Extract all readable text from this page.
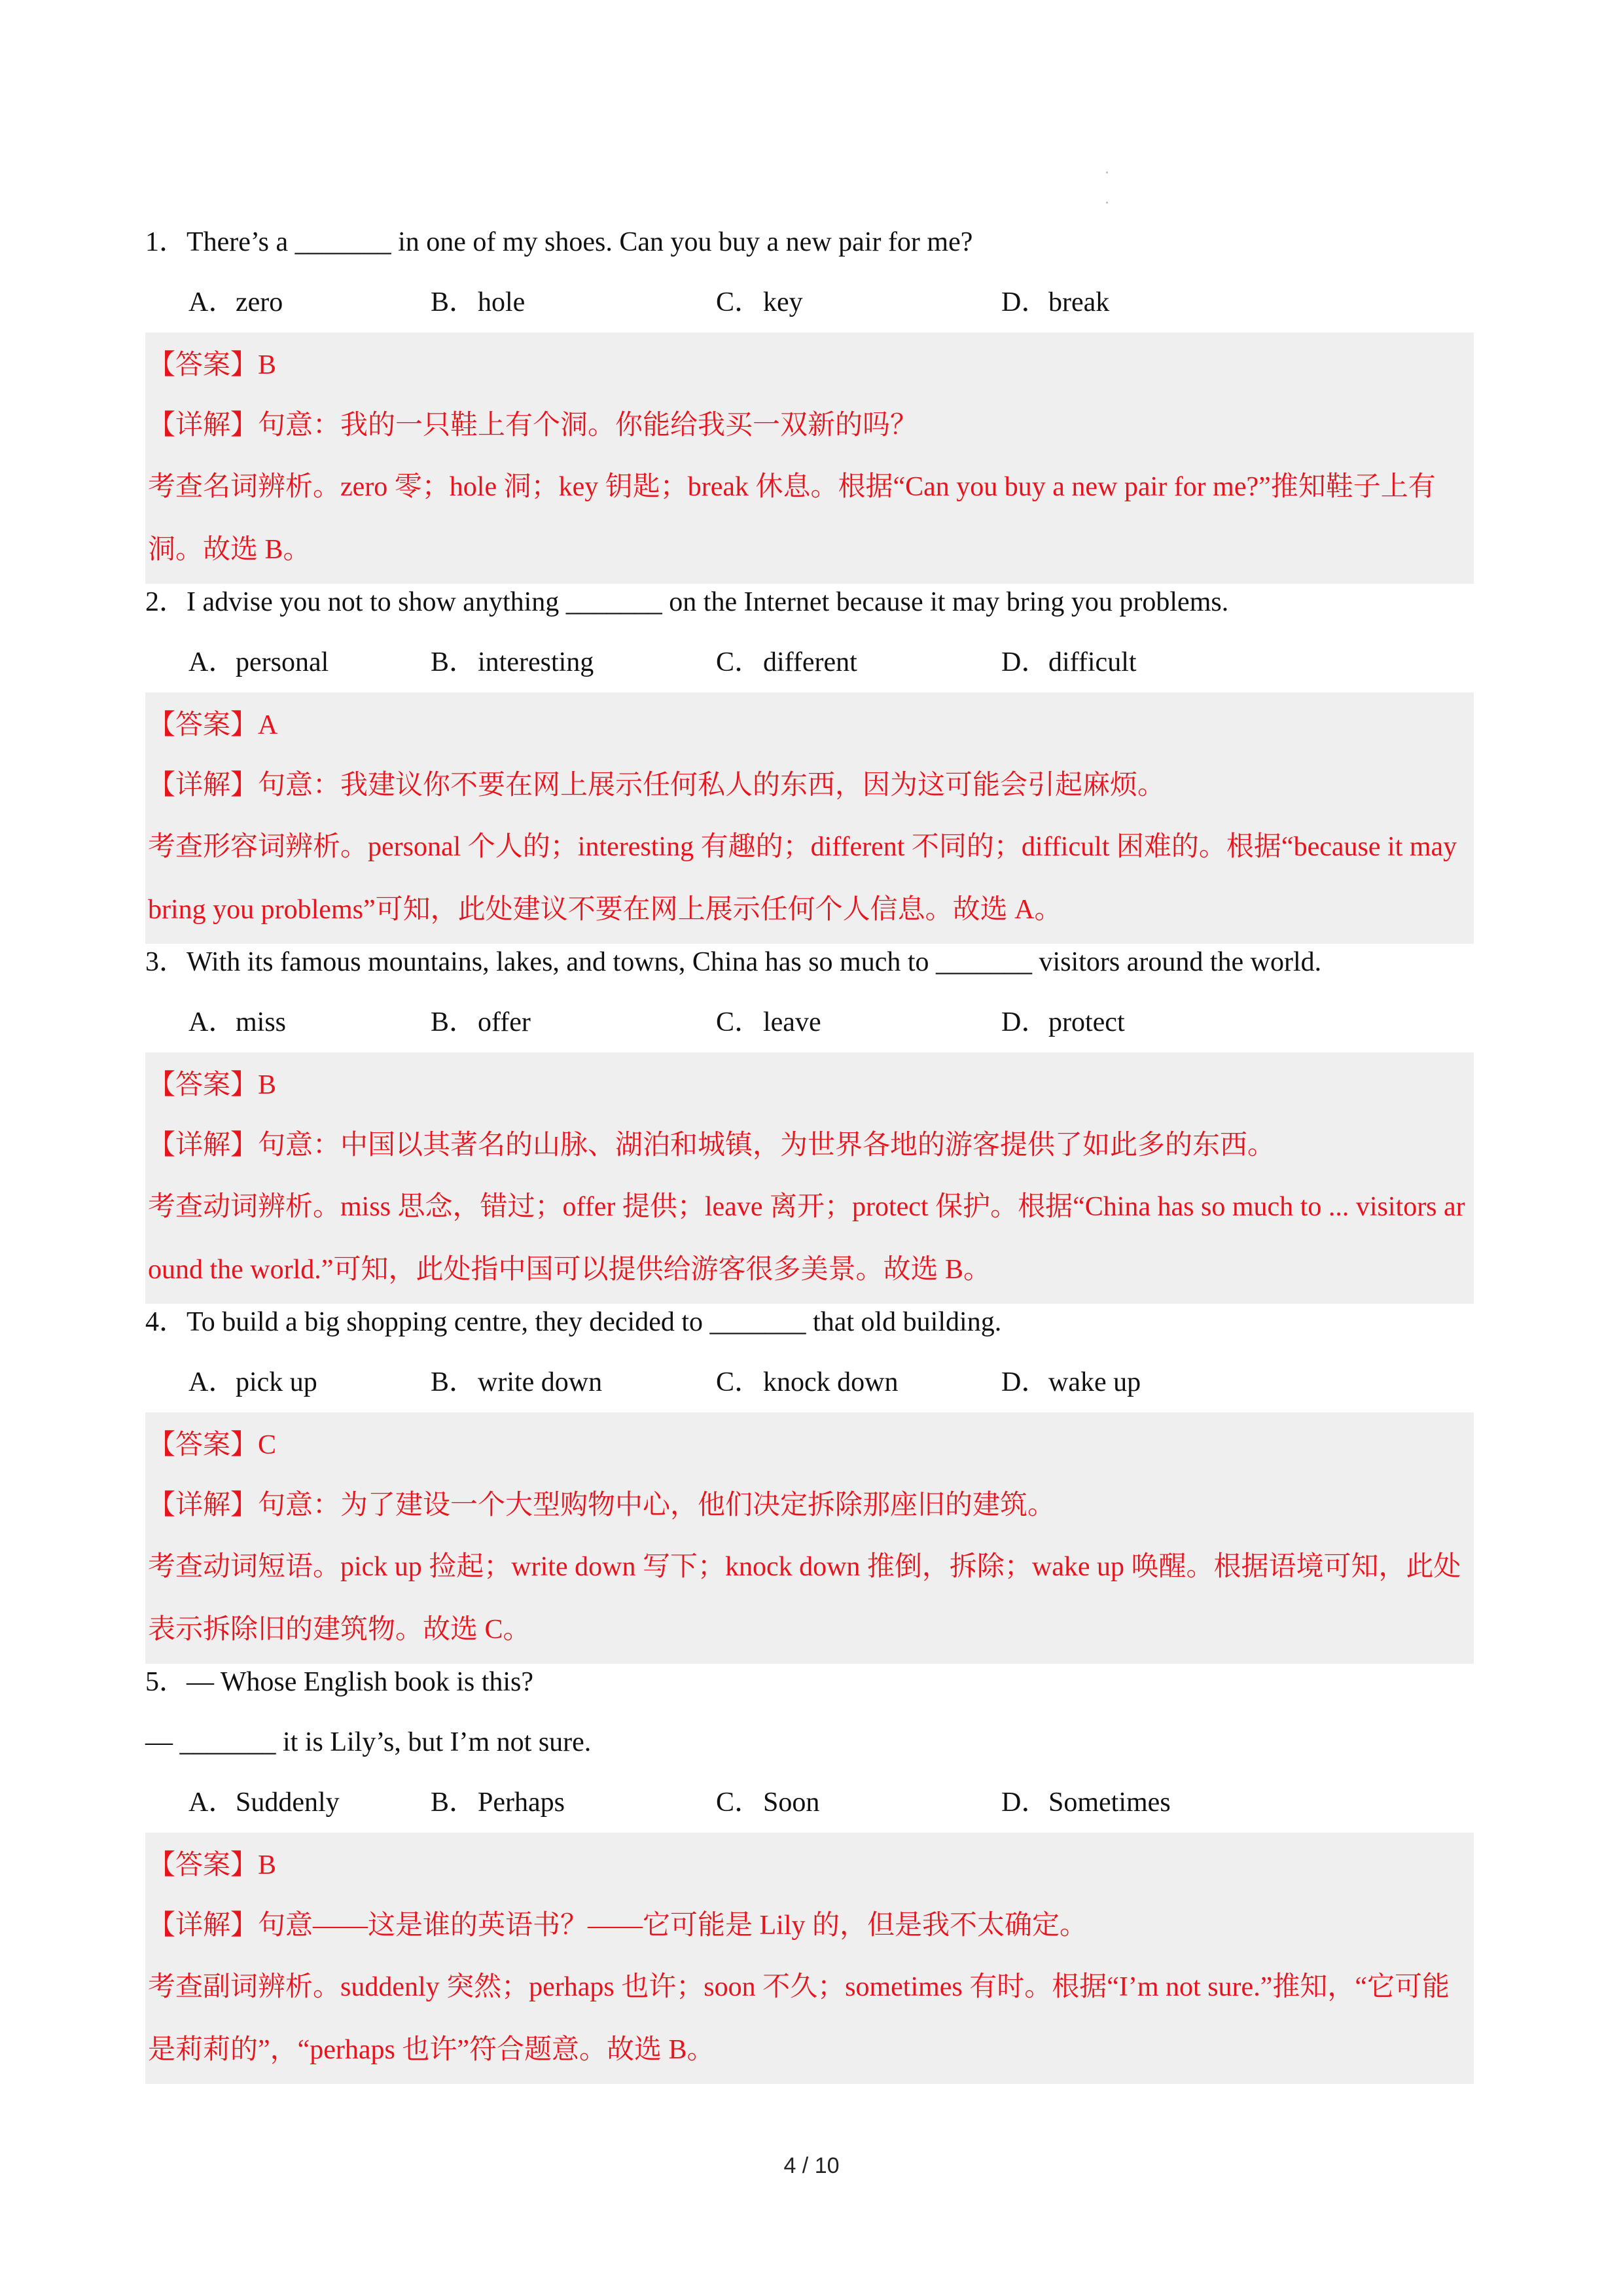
1．There’s a _______ in one of my shoes. Can you buy a new pair for me?
A．zero	B．hole	C．key	D．break
【答案】B
【详解】句意：我的一只鞋上有个洞。你能给我买一双新的吗？
考查名词辨析。zero 零；hole 洞；key 钥匙；break 休息。根据“Can you buy a new pair for me?”推知鞋子上有洞。故选 B。
2．I advise you not to show anything _______ on the Internet because it may bring you problems.
A．personal	B．interesting	C．different	D．difficult
【答案】A
【详解】句意：我建议你不要在网上展示任何私人的东西，因为这可能会引起麻烦。
考查形容词辨析。personal 个人的；interesting 有趣的；different 不同的；difficult 困难的。根据“because it may bring you problems”可知，此处建议不要在网上展示任何个人信息。故选 A。
3．With its famous mountains, lakes, and towns, China has so much to _______ visitors around the world.
A．miss	B．offer	C．leave	D．protect
【答案】B
【详解】句意：中国以其著名的山脉、湖泊和城镇，为世界各地的游客提供了如此多的东西。
考查动词辨析。miss 思念，错过；offer 提供；leave 离开；protect 保护。根据“China has so much to ... visitors around the world.”可知，此处指中国可以提供给游客很多美景。故选 B。
4．To build a big shopping centre, they decided to _______ that old building.
A．pick up	B．write down	C．knock down	D．wake up
【答案】C
【详解】句意：为了建设一个大型购物中心，他们决定拆除那座旧的建筑。
考查动词短语。pick up 捡起；write down 写下；knock down 推倒，拆除；wake up 唤醒。根据语境可知，此处表示拆除旧的建筑物。故选 C。
5．— Whose English book is this?
— _______ it is Lily’s, but I’m not sure.
A．Suddenly	B．Perhaps	C．Soon	D．Sometimes
【答案】B
【详解】句意——这是谁的英语书？——它可能是 Lily 的，但是我不太确定。
考查副词辨析。suddenly 突然；perhaps 也许；soon 不久；sometimes 有时。根据“I’m not sure.”推知，“它可能是莉莉的”，“perhaps 也许”符合题意。故选 B。
4 / 10
